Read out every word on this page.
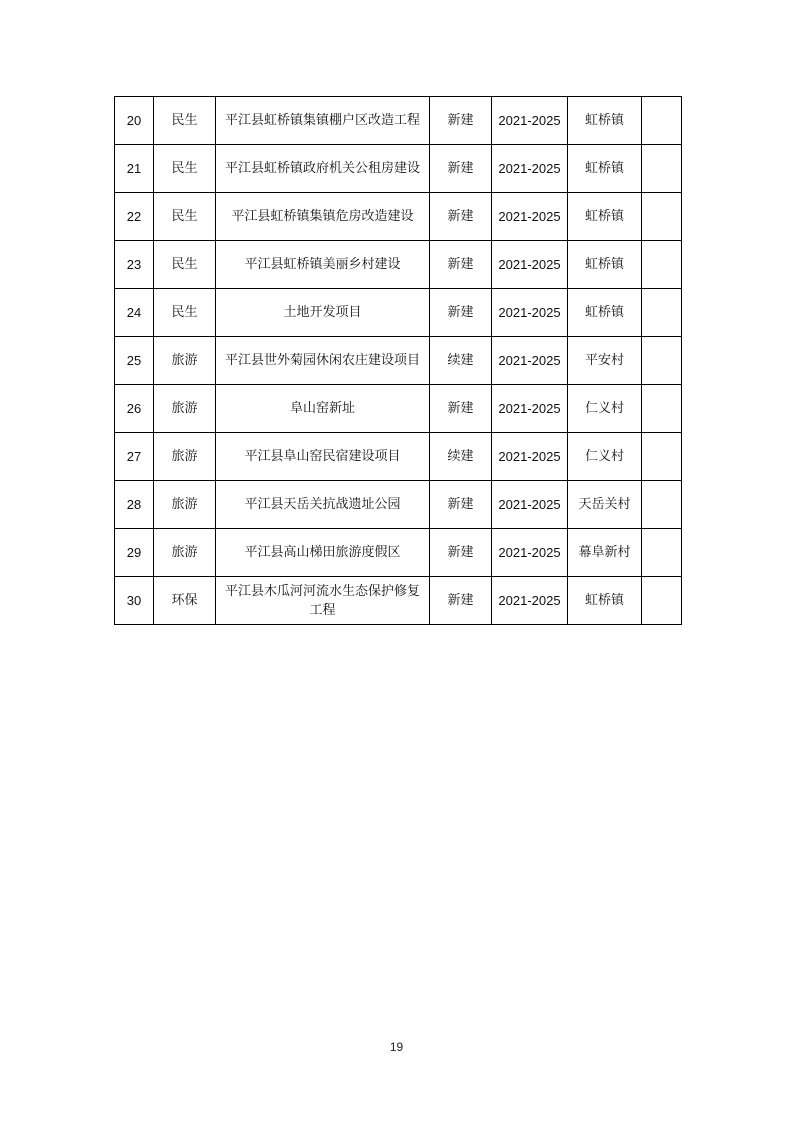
20	民生	平江县虹桥镇集镇棚户区改造工程	新建	2021-2025	虹桥镇	
21	民生	平江县虹桥镇政府机关公租房建设	新建	2021-2025	虹桥镇	
22	民生	平江县虹桥镇集镇危房改造建设	新建	2021-2025	虹桥镇	
23	民生	平江县虹桥镇美丽乡村建设	新建	2021-2025	虹桥镇	
24	民生	土地开发项目	新建	2021-2025	虹桥镇	
25	旅游	平江县世外菊园休闲农庄建设项目	续建	2021-2025	平安村	
26	旅游	阜山窑新址	新建	2021-2025	仁义村	
27	旅游	平江县阜山窑民宿建设项目	续建	2021-2025	仁义村	
28	旅游	平江县天岳关抗战遗址公园	新建	2021-2025	天岳关村	
29	旅游	平江县高山梯田旅游度假区	新建	2021-2025	幕阜新村	
30	环保	平江县木瓜河河流水生态保护修复工程	新建	2021-2025	虹桥镇	
19
